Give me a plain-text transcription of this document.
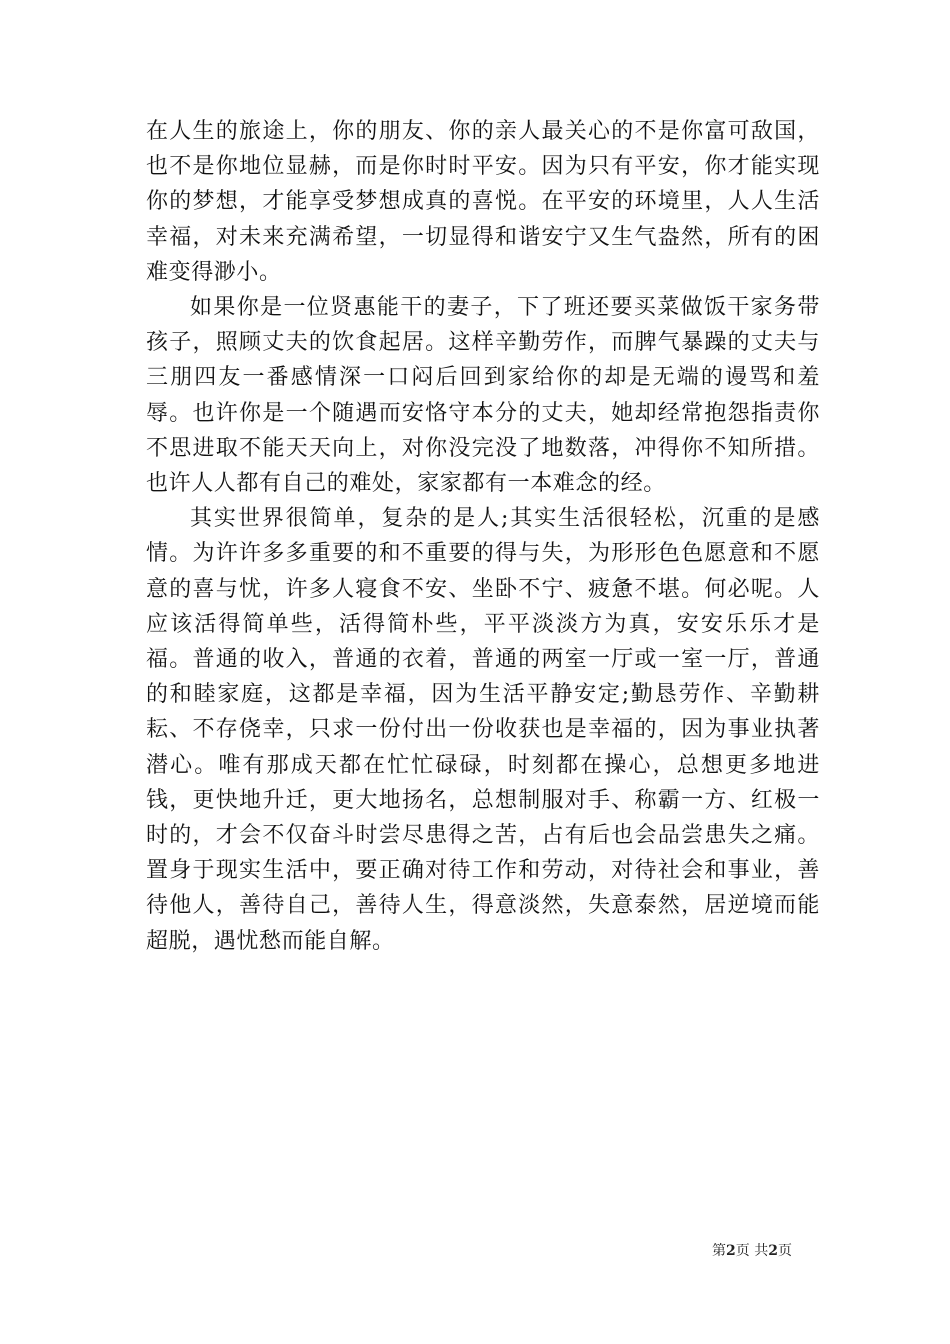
在人生的旅途上，你的朋友、你的亲人最关心的不是你富可敌国，也不是你地位显赫，而是你时时平安。因为只有平安，你才能实现你的梦想，才能享受梦想成真的喜悦。在平安的环境里，人人生活幸福，对未来充满希望，一切显得和谐安宁又生气盎然，所有的困难变得渺小。

如果你是一位贤惠能干的妻子，下了班还要买菜做饭干家务带孩子，照顾丈夫的饮食起居。这样辛勤劳作，而脾气暴躁的丈夫与三朋四友一番感情深一口闷后回到家给你的却是无端的谩骂和羞辱。也许你是一个随遇而安恪守本分的丈夫，她却经常抱怨指责你不思进取不能天天向上，对你没完没了地数落，冲得你不知所措。也许人人都有自己的难处，家家都有一本难念的经。

其实世界很简单，复杂的是人;其实生活很轻松，沉重的是感情。为许许多多重要的和不重要的得与失，为形形色色愿意和不愿意的喜与忧，许多人寝食不安、坐卧不宁、疲惫不堪。何必呢。人应该活得简单些，活得简朴些，平平淡淡方为真，安安乐乐才是福。普通的收入，普通的衣着，普通的两室一厅或一室一厅，普通的和睦家庭，这都是幸福，因为生活平静安定;勤恳劳作、辛勤耕耘、不存侥幸，只求一份付出一份收获也是幸福的，因为事业执著潜心。唯有那成天都在忙忙碌碌，时刻都在操心，总想更多地进钱，更快地升迁，更大地扬名，总想制服对手、称霸一方、红极一时的，才会不仅奋斗时尝尽患得之苦，占有后也会品尝患失之痛。置身于现实生活中，要正确对待工作和劳动，对待社会和事业，善待他人，善待自己，善待人生，得意淡然，失意泰然，居逆境而能超脱，遇忧愁而能自解。

第2页 共2页
